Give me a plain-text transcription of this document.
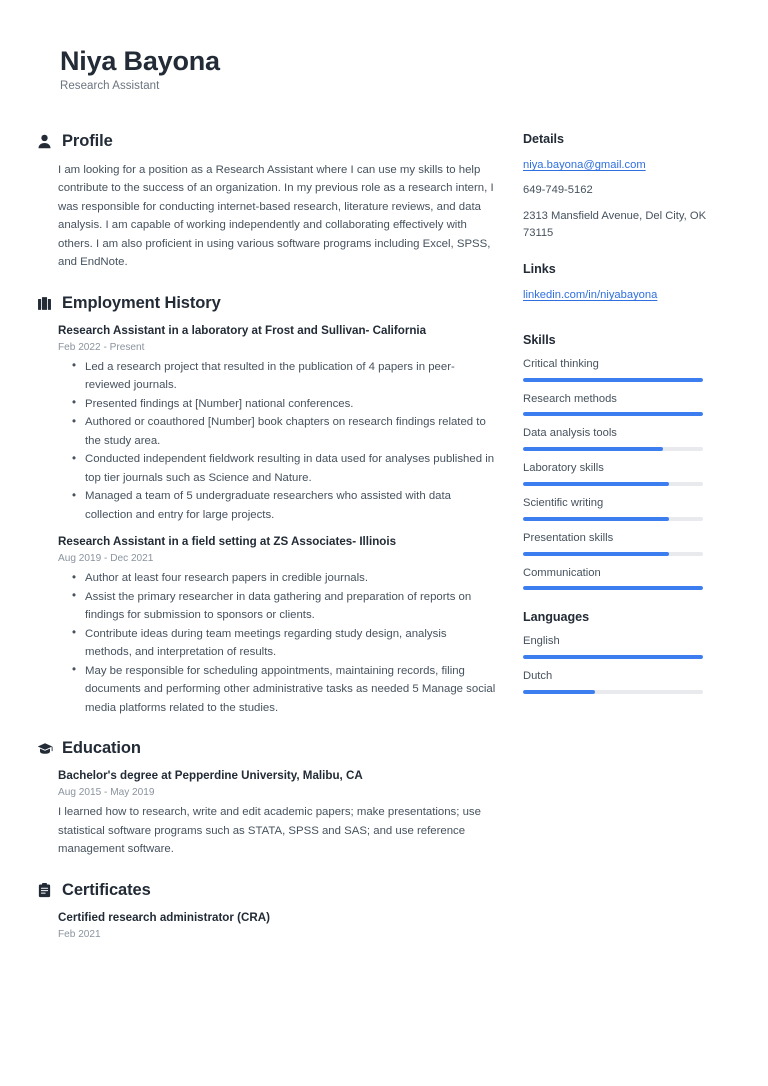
Niya Bayona
Research Assistant
Profile
I am looking for a position as a Research Assistant where I can use my skills to help contribute to the success of an organization. In my previous role as a research intern, I was responsible for conducting internet-based research, literature reviews, and data analysis. I am capable of working independently and collaborating effectively with others. I am also proficient in using various software programs including Excel, SPSS, and EndNote.
Employment History
Research Assistant in a laboratory at Frost and Sullivan- California
Feb 2022 - Present
• Led a research project that resulted in the publication of 4 papers in peer-reviewed journals.
• Presented findings at [Number] national conferences.
• Authored or coauthored [Number] book chapters on research findings related to the study area.
• Conducted independent fieldwork resulting in data used for analyses published in top tier journals such as Science and Nature.
• Managed a team of 5 undergraduate researchers who assisted with data collection and entry for large projects.
Research Assistant in a field setting at ZS Associates- Illinois
Aug 2019 - Dec 2021
• Author at least four research papers in credible journals.
• Assist the primary researcher in data gathering and preparation of reports on findings for submission to sponsors or clients.
• Contribute ideas during team meetings regarding study design, analysis methods, and interpretation of results.
• May be responsible for scheduling appointments, maintaining records, filing documents and performing other administrative tasks as needed 5 Manage social media platforms related to the studies.
Education
Bachelor's degree at Pepperdine University, Malibu, CA
Aug 2015 - May 2019
I learned how to research, write and edit academic papers; make presentations; use statistical software programs such as STATA, SPSS and SAS; and use reference management software.
Certificates
Certified research administrator (CRA)
Feb 2021
Details
niya.bayona@gmail.com
649-749-5162
2313 Mansfield Avenue, Del City, OK 73115
Links
linkedin.com/in/niyabayona
Skills
Critical thinking
Research methods
Data analysis tools
Laboratory skills
Scientific writing
Presentation skills
Communication
Languages
English
Dutch
